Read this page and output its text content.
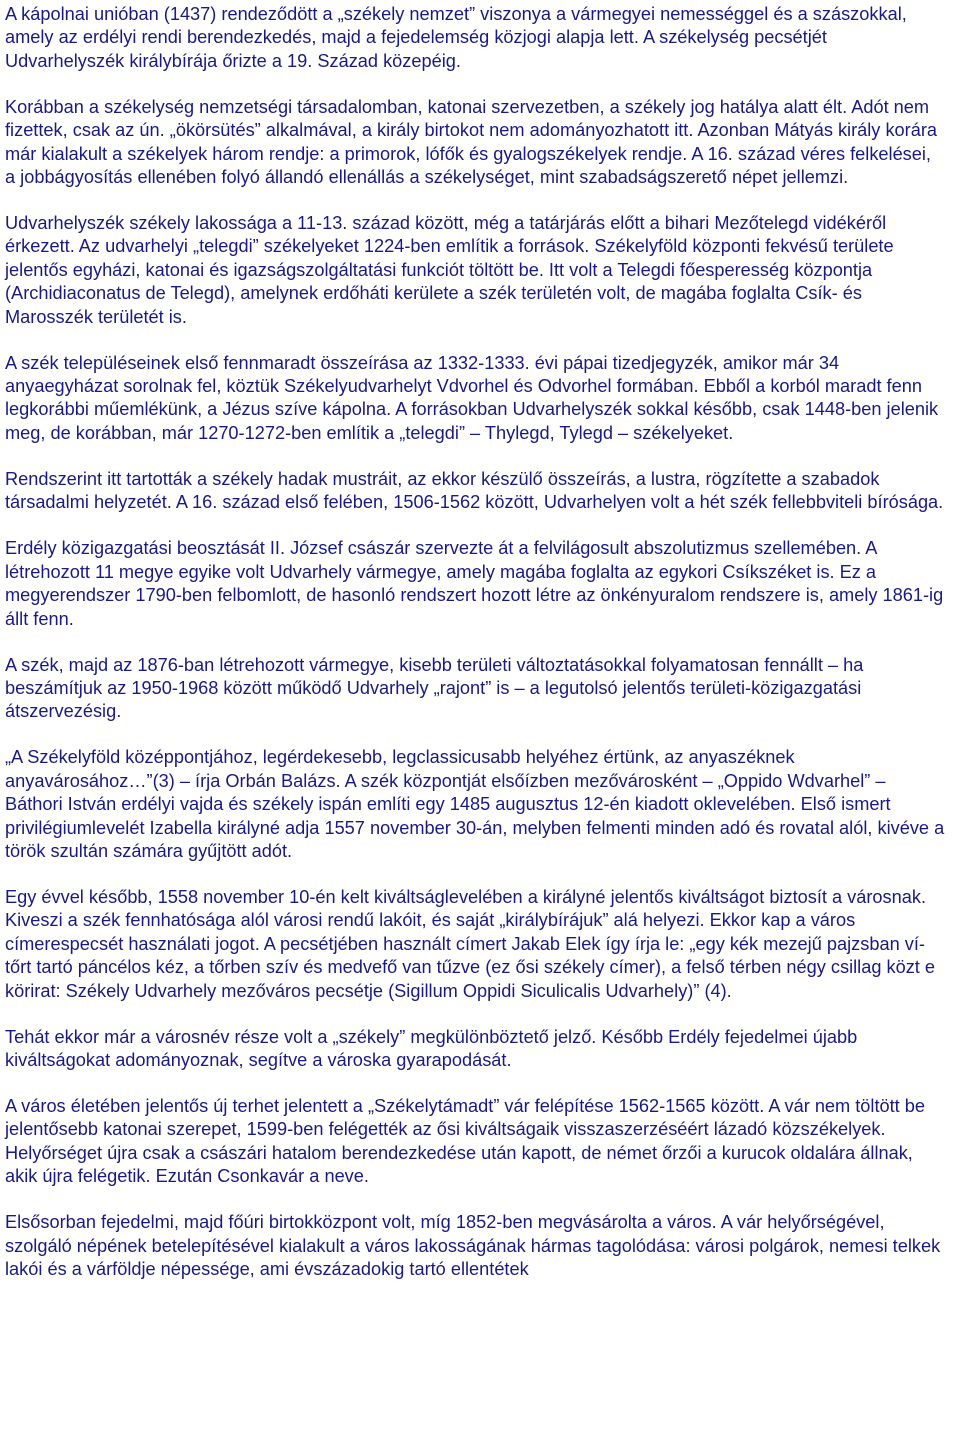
A kápolnai unióban (1437) rendeződött a „székely nemzet” viszonya a vármegyei nemességgel és a szászokkal, amely az erdélyi rendi berendezkedés, majd a fejedelemség közjogi alapja lett. A székelység pecsétjét Udvarhelyszék királybírája őrizte a 19. Század közepéig.

Korábban a székelység nemzetségi társadalomban, katonai szervezetben, a székely jog hatálya alatt élt. Adót nem fizettek, csak az ún. „ökörsütés” alkalmával, a király birtokot nem adományozhatott itt. Azonban Mátyás király korára már kialakult a székelyek három rendje: a primorok, lófők és gyalogszékelyek rendje. A 16. század véres felkelései, a jobbágyosítás ellenében folyó állandó ellenállás a székelységet, mint szabadságszerető népet jellemzi.

Udvarhelyszék székely lakossága a 11-13. század között, még a tatárjárás előtt a bihari Mezőtelegd vidékéről érkezett. Az udvarhelyi „telegdi” székelyeket 1224-ben említik a források. Székelyföld központi fekvésű területe jelentős egyházi, katonai és igazságszolgáltatási funkciót töltött be. Itt volt a Telegdi főesperesség központja (Archidiaconatus de Telegd), amelynek erdőháti kerülete a szék területén volt, de magába foglalta Csík- és Marosszék területét is.

A szék településeinek első fennmaradt összeírása az 1332-1333. évi pápai tizedjegyzék, amikor már 34 anyaegyházat sorolnak fel, köztük Székelyudvarhelyt Vdvorhel és Odvorhel formában. Ebből a korból maradt fenn legkorábbi műemlékünk, a Jézus szíve kápolna. A forrásokban Udvarhelyszék sokkal később, csak 1448-ben jelenik meg, de korábban, már 1270-1272-ben említik a „telegdi” – Thylegd, Tylegd – székelyeket.

Rendszerint itt tartották a székely hadak mustráit, az ekkor készülő összeírás, a lustra, rögzítette a szabadok társadalmi helyzetét. A 16. század első felében, 1506-1562 között, Udvarhelyen volt a hét szék fellebbviteli bírósága.

Erdély közigazgatási beosztását II. József császár szervezte át a felvilágosult abszolutizmus szellemében. A létrehozott 11 megye egyike volt Udvarhely vármegye, amely magába foglalta az egykori Csíkszéket is. Ez a megyerendszer 1790-ben felbomlott, de hasonló rendszert hozott létre az önkényuralom rendszere is, amely 1861-ig állt fenn.

A szék, majd az 1876-ban létrehozott vármegye, kisebb területi változtatásokkal folyamatosan fennállt – ha beszámítjuk az 1950-1968 között működő Udvarhely „rajont” is – a legutolsó jelentős területi-közigazgatási átszervezésig.

„A Székelyföld középpontjához, legérdekesebb, legclassicusabb helyéhez értünk, az anyaszéknek anyavárosához…”(3) – írja Orbán Balázs. A szék központját elsőízben mezővárosként – „Oppido Wdvarhel” – Báthori István erdélyi vajda és székely ispán említi egy 1485 augusztus 12-én kiadott oklevelében. Első ismert privilégiumlevelét Izabella királyné adja 1557 november 30-án, melyben felmenti minden adó és rovatal alól, kivéve a török szultán számára gyűjtött adót.

Egy évvel később, 1558 november 10-én kelt kiváltságlevelében a királyné jelentős kiváltságot biztosít a városnak. Kiveszi a szék fennhatósága alól városi rendű lakóit, és saját „királybírájuk” alá helyezi. Ekkor kap a város címerespecsét használati jogot. A pecsétjében használt címert Jakab Elek így írja le: „egy kék mezejű pajzsban ví-tőrt tartó páncélos kéz, a tőrben szív és medvefő van tűzve (ez ősi székely címer), a felső térben négy csillag közt e körirat: Székely Udvarhely mezőváros pecsétje (Sigillum Oppidi Siculicalis Udvarhely)” (4).

Tehát ekkor már a városnév része volt a „székely” megkülönböztető jelző. Később Erdély fejedelmei újabb kiváltságokat adományoznak, segítve a városka gyarapodását.

A város életében jelentős új terhet jelentett a „Székelytámadt” vár felépítése 1562-1565 között. A vár nem töltött be jelentősebb katonai szerepet, 1599-ben felégették az ősi kiváltságaik visszaszerzéséért lázadó közszékelyek. Helyőrséget újra csak a császári hatalom berendezkedése után kapott, de német őrzői a kurucok oldalára állnak, akik újra felégetik. Ezután Csonkavár a neve.

Elsősorban fejedelmi, majd főúri birtokközpont volt, míg 1852-ben megvásárolta a város. A vár helyőrségével, szolgáló népének betelepítésével kialakult a város lakosságának hármas tagolódása: városi polgárok, nemesi telkek lakói és a várföldje népessége, ami évszázadokig tartó ellentétek
